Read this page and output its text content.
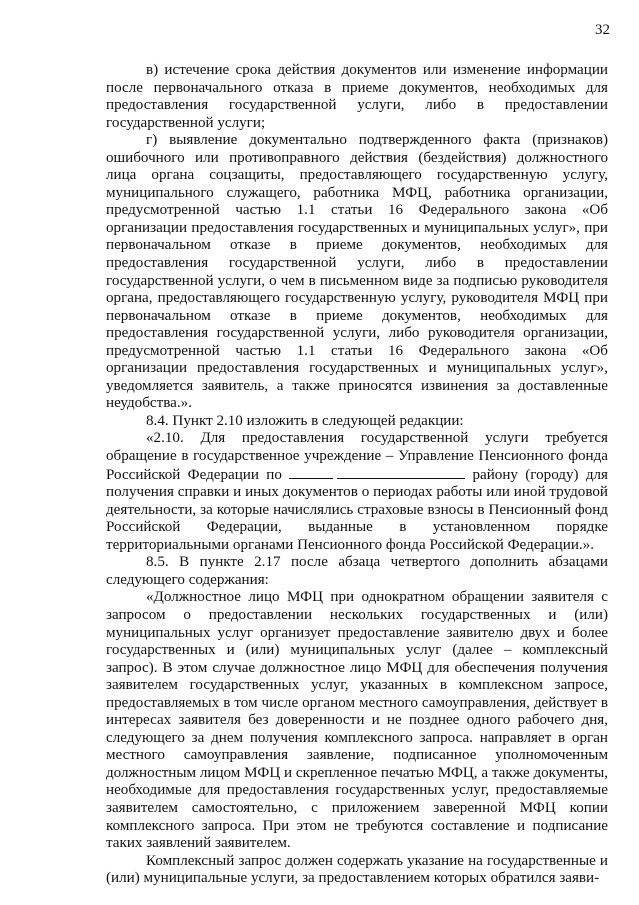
32

в) истечение срока действия документов или изменение информации после первоначального отказа в приеме документов, необходимых для предоставления государственной услуги, либо в предоставлении государственной услуги;

г) выявление документально подтвержденного факта (признаков) ошибочного или противоправного действия (бездействия) должностного лица органа соцзащиты, предоставляющего государственную услугу, муниципального служащего, работника МФЦ, работника организации, предусмотренной частью 1.1 статьи 16 Федерального закона «Об организации предоставления государственных и муниципальных услуг», при первоначальном отказе в приеме документов, необходимых для предоставления государственной услуги, либо в предоставлении государственной услуги, о чем в письменном виде за подписью руководителя органа, предоставляющего государственную услугу, руководителя МФЦ при первоначальном отказе в приеме документов, необходимых для предоставления государственной услуги, либо руководителя организации, предусмотренной частью 1.1 статьи 16 Федерального закона «Об организации предоставления государственных и муниципальных услуг», уведомляется заявитель, а также приносятся извинения за доставленные неудобства.».

8.4. Пункт 2.10 изложить в следующей редакции:

«2.10. Для предоставления государственной услуги требуется обращение в государственное учреждение – Управление Пенсионного фонда Российской Федерации по	району (городу) для получения справки и иных документов о периодах работы или иной трудовой деятельности, за которые начислялись страховые взносы в Пенсионный фонд Российской Федерации, выданные в установленном порядке территориальными органами Пенсионного фонда Российской Федерации.».

8.5. В пункте 2.17 после абзаца четвертого дополнить абзацами следующего содержания:

«Должностное лицо МФЦ при однократном обращении заявителя с запросом о предоставлении нескольких государственных и (или) муниципальных услуг организует предоставление заявителю двух и более государственных и (или) муниципальных услуг (далее – комплексный запрос). В этом случае должностное лицо МФЦ для обеспечения получения заявителем государственных услуг, указанных в комплексном запросе, предоставляемых в том числе органом местного самоуправления, действует в интересах заявителя без доверенности и не позднее одного рабочего дня, следующего за днем получения комплексного запроса. направляет в орган местного самоуправления заявление, подписанное уполномоченным должностным лицом МФЦ и скрепленное печатью МФЦ, а также документы, необходимые для предоставления государственных услуг, предоставляемые заявителем самостоятельно, с приложением заверенной МФЦ копии комплексного запроса. При этом не требуются составление и подписание таких заявлений заявителем.

Комплексный запрос должен содержать указание на государственные и (или) муниципальные услуги, за предоставлением которых обратился заяви-
